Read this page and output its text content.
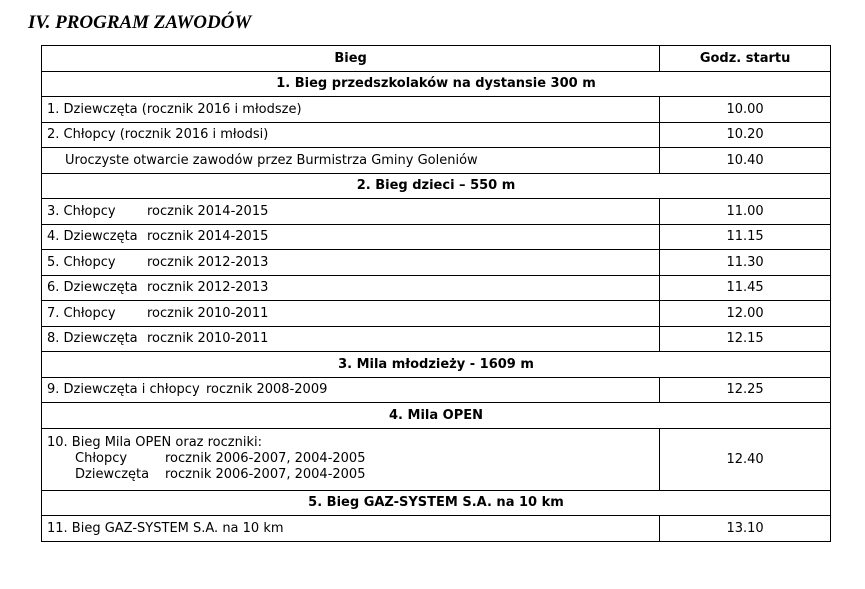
IV. PROGRAM ZAWODÓW
Bieg	Godz. startu
1. Bieg przedszkolaków na dystansie 300 m	
1. Dziewczęta (rocznik 2016 i młodsze)	10.00
2. Chłopcy (rocznik 2016 i młodsi)	10.20
Uroczyste otwarcie zawodów przez Burmistrza Gminy Goleniów	10.40
2. Bieg dzieci – 550 m	
3. Chłopcy rocznik 2014-2015	11.00
4. Dziewczęta rocznik 2014-2015	11.15
5. Chłopcy rocznik 2012-2013	11.30
6. Dziewczęta rocznik 2012-2013	11.45
7. Chłopcy rocznik 2010-2011	12.00
8. Dziewczęta rocznik 2010-2011	12.15
3. Mila młodzieży - 1609 m	
9. Dziewczęta i chłopcy rocznik 2008-2009	12.25
4. Mila OPEN	

10. Bieg Mila OPEN oraz roczniki:
Chłopcy rocznik 2006-2007, 2004-2005
Dziewczęta rocznik 2006-2007, 2004-2005	12.40
5. Bieg GAZ-SYSTEM S.A. na 10 km	
11. Bieg GAZ-SYSTEM S.A. na 10 km	13.10
